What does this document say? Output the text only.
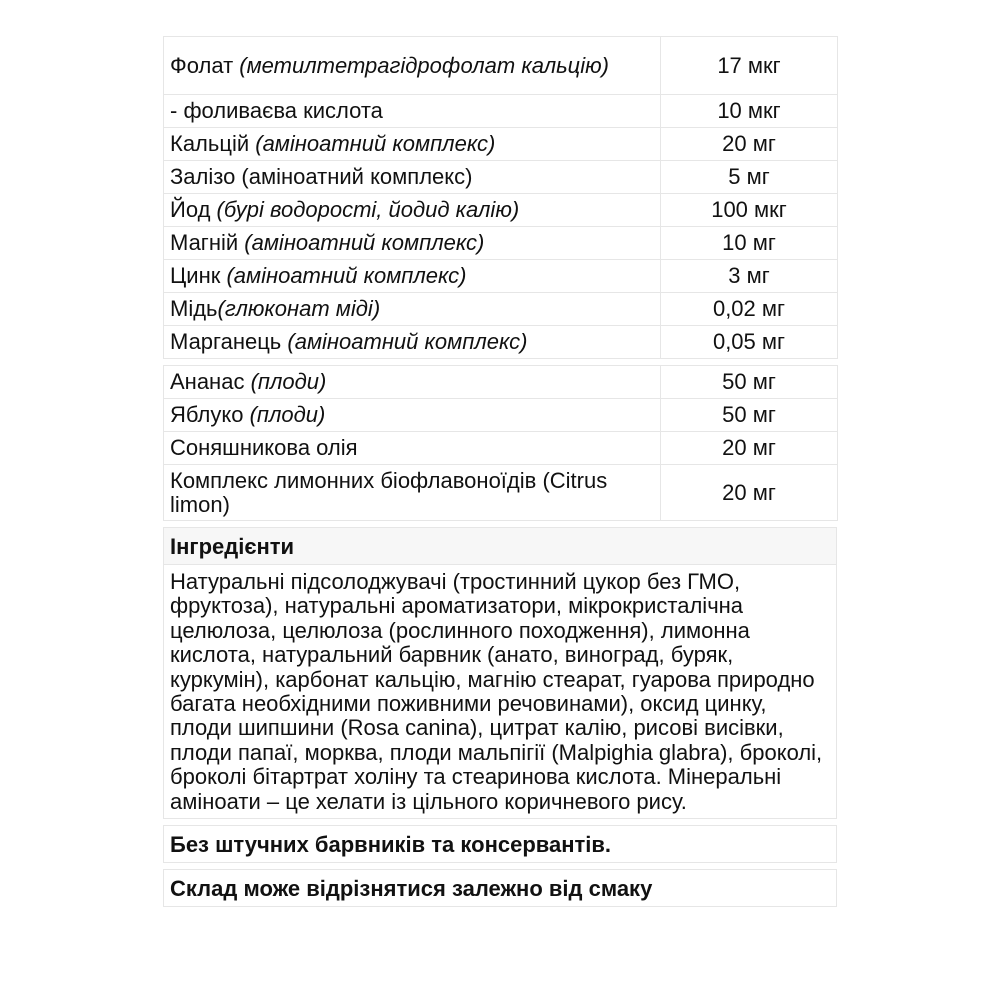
Фолат (метилтетрагідрофолат кальцію)	17 мкг
- фоливаєва кислота	10 мкг
Кальцій (аміноатний комплекс)	20 мг
Залізо (аміноатний комплекс)	5 мг
Йод (бурі водорості, йодид калію)	100 мкг
Магній (аміноатний комплекс)	10 мг
Цинк (аміноатний комплекс)	3 мг
Мідь(глюконат міді)	0,02 мг
Марганець (аміноатний комплекс)	0,05 мг
Ананас (плоди)	50 мг
Яблуко (плоди)	50 мг
Соняшникова олія	20 мг
Комплекс лимонних біофлавоноїдів (Citrus limon)	20 мг
Інгредієнти
Натуральні підсолоджувачі (тростинний цукор без ГМО, фруктоза), натуральні ароматизатори, мікрокристалічна целюлоза, целюлоза (рослинного походження), лимонна кислота, натуральний барвник (анато, виноград, буряк, куркумін), карбонат кальцію, магнію стеарат, гуарова природно багата необхідними поживними речовинами), оксид цинку, плоди шипшини (Rosa canina), цитрат калію, рисові висівки, плоди папаї, морква, плоди мальпігії (Malpighia glabra), броколі, броколі бітартрат холіну та стеаринова кислота. Мінеральні аміноати – це хелати із цільного коричневого рису.
Без штучних барвників та консервантів.
Склад може відрізнятися залежно від смаку
